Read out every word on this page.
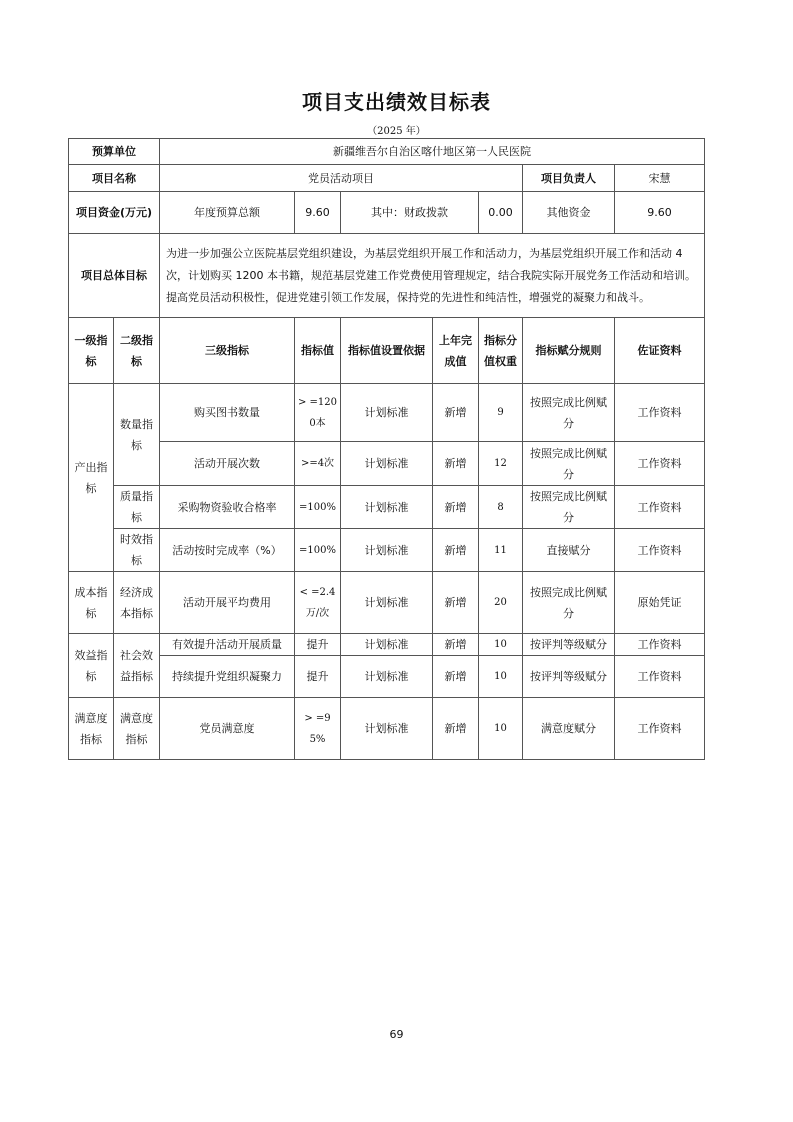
项目支出绩效目标表
（2025 年）
预算单位	新疆维吾尔自治区喀什地区第一人民医院					
项目名称	党员活动项目				项目负责人	宋慧
项目资金(万元)	年度预算总额	9.60	其中：财政拨款	0.00	其他资金	9.60
项目总体目标	为进一步加强公立医院基层党组织建设，为基层党组织开展工作和活动力，为基层党组织开展工作和活动 4 次，计划购买 1200 本书籍，规范基层党建工作党费使用管理规定，结合我院实际开展党务工作活动和培训。提高党员活动积极性，促进党建引领工作发展，保持党的先进性和纯洁性，增强党的凝聚力和战斗。
一级指标	二级指标	三级指标	指标值	指标值设置依据	上年完成值	指标分值权重	指标赋分规则	佐证资料
产出指标	数量指标	购买图书数量	> =1200本	计划标准	新增	9	按照完成比例赋分	工作资料
		活动开展次数	>=4次	计划标准	新增	12	按照完成比例赋分	工作资料
	质量指标	采购物资验收合格率	=100%	计划标准	新增	8	按照完成比例赋分	工作资料
	时效指标	活动按时完成率（%）	=100%	计划标准	新增	11	直接赋分	工作资料
成本指标	经济成本指标	活动开展平均费用	< =2.4万/次	计划标准	新增	20	按照完成比例赋分	原始凭证
效益指标	社会效益指标	有效提升活动开展质量	提升	计划标准	新增	10	按评判等级赋分	工作资料
		持续提升党组织凝聚力	提升	计划标准	新增	10	按评判等级赋分	工作资料
满意度指标	满意度指标	党员满意度	> =95%	计划标准	新增	10	满意度赋分	工作资料
69
